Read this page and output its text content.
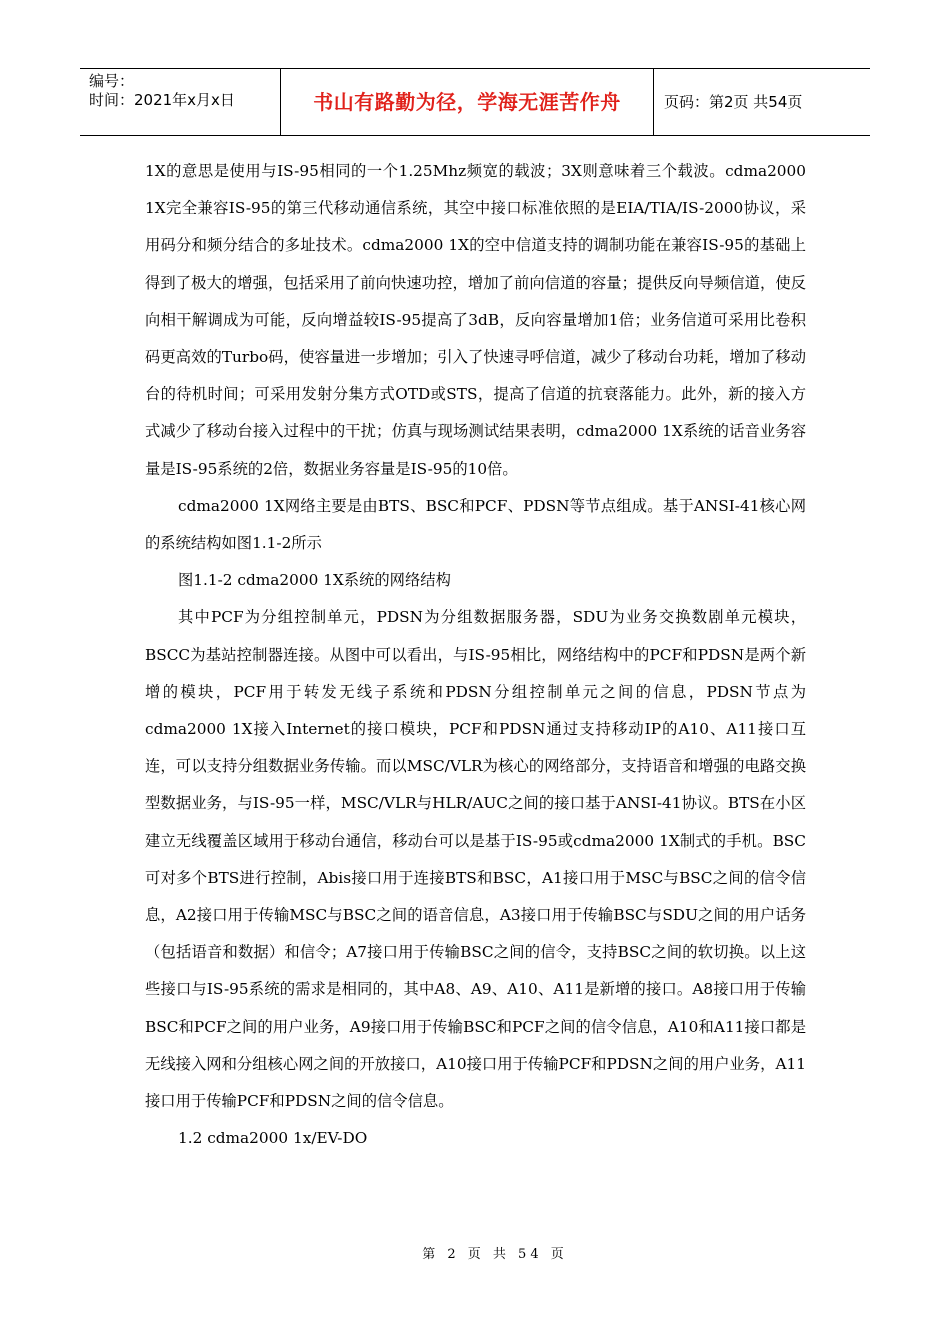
编号：
时间：2021年x月x日	书山有路勤为径，学海无涯苦作舟	页码：第2页 共54页

1X的意思是使用与IS-95相同的一个1.25Mhz频宽的载波；3X则意味着三个载波。cdma2000 1X完全兼容IS-95的第三代移动通信系统，其空中接口标准依照的是EIA/TIA/IS-2000协议，采用码分和频分结合的多址技术。cdma2000 1X的空中信道支持的调制功能在兼容IS-95的基础上得到了极大的增强，包括采用了前向快速功控，增加了前向信道的容量；提供反向导频信道，使反向相干解调成为可能，反向增益较IS-95提高了3dB，反向容量增加1倍；业务信道可采用比卷积码更高效的Turbo码，使容量进一步增加；引入了快速寻呼信道，减少了移动台功耗，增加了移动台的待机时间；可采用发射分集方式OTD或STS，提高了信道的抗衰落能力。此外，新的接入方式减少了移动台接入过程中的干扰；仿真与现场测试结果表明，cdma2000 1X系统的话音业务容量是IS-95系统的2倍，数据业务容量是IS-95的10倍。

cdma2000 1X网络主要是由BTS、BSC和PCF、PDSN等节点组成。基于ANSI-41核心网的系统结构如图1.1-2所示

图1.1-2 cdma2000 1X系统的网络结构

其中PCF为分组控制单元，PDSN为分组数据服务器，SDU为业务交换数剧单元模块，BSCC为基站控制器连接。从图中可以看出，与IS-95相比，网络结构中的PCF和PDSN是两个新增的模块，PCF用于转发无线子系统和PDSN分组控制单元之间的信息，PDSN节点为cdma2000 1X接入Internet的接口模块，PCF和PDSN通过支持移动IP的A10、A11接口互连，可以支持分组数据业务传输。而以MSC/VLR为核心的网络部分，支持语音和增强的电路交换型数据业务，与IS-95一样，MSC/VLR与HLR/AUC之间的接口基于ANSI-41协议。BTS在小区建立无线覆盖区域用于移动台通信，移动台可以是基于IS-95或cdma2000 1X制式的手机。BSC可对多个BTS进行控制，Abis接口用于连接BTS和BSC，A1接口用于MSC与BSC之间的信令信息，A2接口用于传输MSC与BSC之间的语音信息，A3接口用于传输BSC与SDU之间的用户话务（包括语音和数据）和信令；A7接口用于传输BSC之间的信令，支持BSC之间的软切换。以上这些接口与IS-95系统的需求是相同的，其中A8、A9、A10、A11是新增的接口。A8接口用于传输BSC和PCF之间的用户业务，A9接口用于传输BSC和PCF之间的信令信息，A10和A11接口都是无线接入网和分组核心网之间的开放接口，A10接口用于传输PCF和PDSN之间的用户业务，A11接口用于传输PCF和PDSN之间的信令信息。

1.2 cdma2000 1x/EV-DO

第 2 页 共 54 页
